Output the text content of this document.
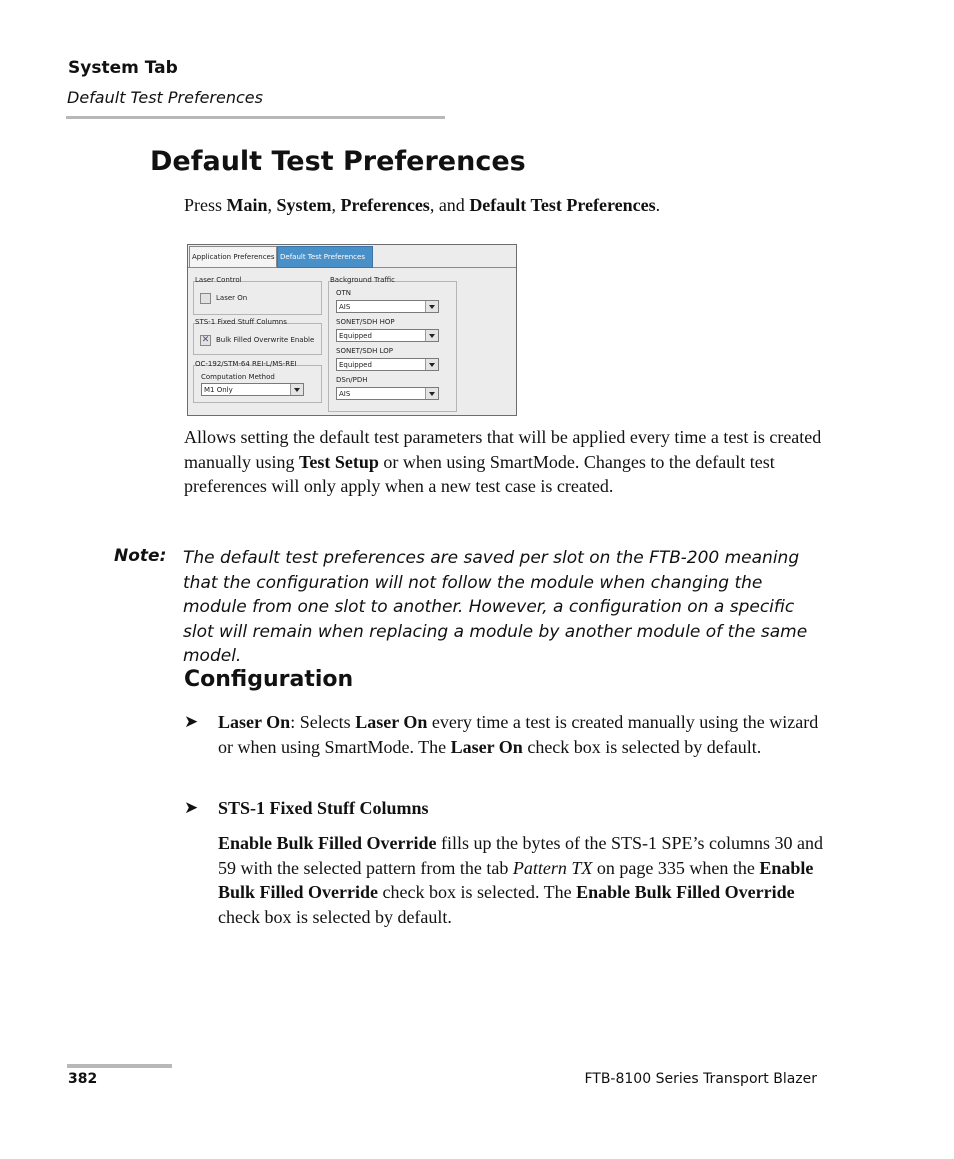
System Tab
Default Test Preferences
Default Test Preferences
Press Main, System, Preferences, and Default Test Preferences.
Application Preferences Default Test Preferences
Laser Control
Laser On
STS-1 Fixed Stuff Columns
✕ Bulk Filled Overwrite Enable
OC-192/STM-64 REI-L/MS-REI
Computation Method
M1 Only
Background Traffic
OTN
AIS
SONET/SDH HOP
Equipped
SONET/SDH LOP
Equipped
DSn/PDH
AIS
Allows setting the default test parameters that will be applied every time a test is created manually using Test Setup or when using SmartMode. Changes to the default test preferences will only apply when a new test case is created.
Note: The default test preferences are saved per slot on the FTB-200 meaning that the configuration will not follow the module when changing the module from one slot to another. However, a configuration on a specific slot will remain when replacing a module by another module of the same model.
Configuration
➤ Laser On: Selects Laser On every time a test is created manually using the wizard or when using SmartMode. The Laser On check box is selected by default.
➤ STS-1 Fixed Stuff Columns
Enable Bulk Filled Override fills up the bytes of the STS-1 SPE’s columns 30 and 59 with the selected pattern from the tab Pattern TX on page 335 when the Enable Bulk Filled Override check box is selected. The Enable Bulk Filled Override check box is selected by default.
382	FTB-8100 Series Transport Blazer
